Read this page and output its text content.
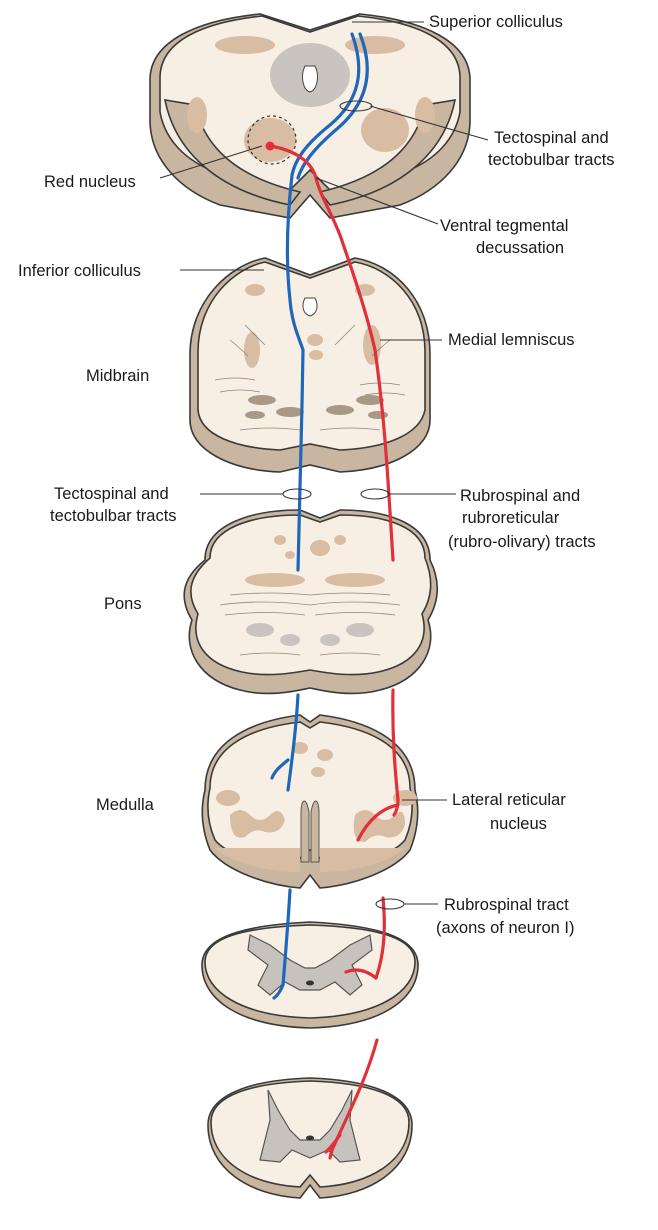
Superior colliculus
Tectospinal and
tectobulbar tracts
Red nucleus
Ventral tegmental
decussation
Inferior colliculus
Medial lemniscus
Midbrain
Tectospinal and
tectobulbar tracts
Rubrospinal and
rubroreticular
(rubro-olivary) tracts
Pons
Medulla	Lateral reticular
nucleus
Rubrospinal tract
(axons of neuron I)
